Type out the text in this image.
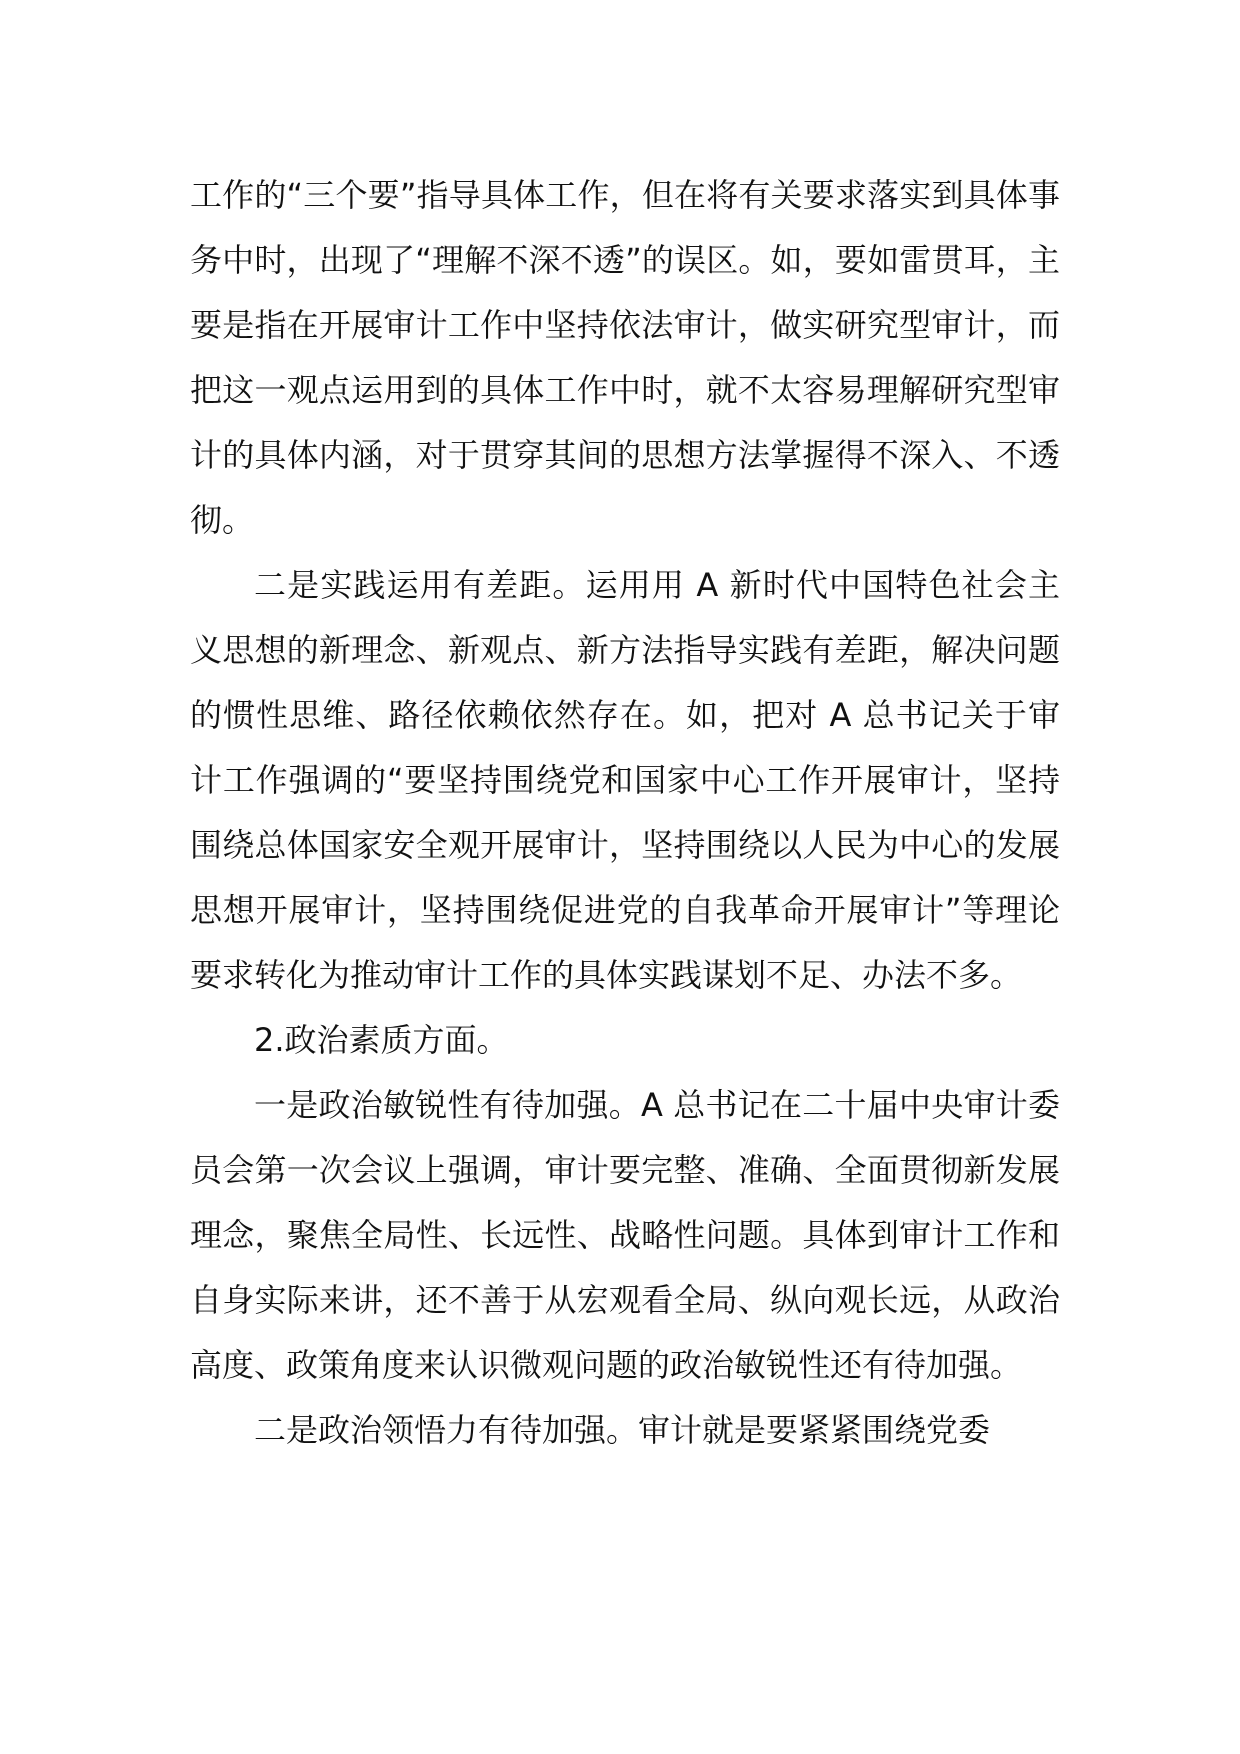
工作的“三个要”指导具体工作，但在将有关要求落实到具体事务中时，出现了“理解不深不透”的误区。如，要如雷贯耳，主要是指在开展审计工作中坚持依法审计，做实研究型审计，而把这一观点运用到的具体工作中时，就不太容易理解研究型审计的具体内涵，对于贯穿其间的思想方法掌握得不深入、不透彻。

二是实践运用有差距。运用用 A 新时代中国特色社会主义思想的新理念、新观点、新方法指导实践有差距，解决问题的惯性思维、路径依赖依然存在。如，把对 A 总书记关于审计工作强调的“要坚持围绕党和国家中心工作开展审计，坚持围绕总体国家安全观开展审计，坚持围绕以人民为中心的发展思想开展审计，坚持围绕促进党的自我革命开展审计”等理论要求转化为推动审计工作的具体实践谋划不足、办法不多。

2.政治素质方面。

一是政治敏锐性有待加强。A 总书记在二十届中央审计委员会第一次会议上强调，审计要完整、准确、全面贯彻新发展理念，聚焦全局性、长远性、战略性问题。具体到审计工作和自身实际来讲，还不善于从宏观看全局、纵向观长远，从政治高度、政策角度来认识微观问题的政治敏锐性还有待加强。

二是政治领悟力有待加强。审计就是要紧紧围绕党委
